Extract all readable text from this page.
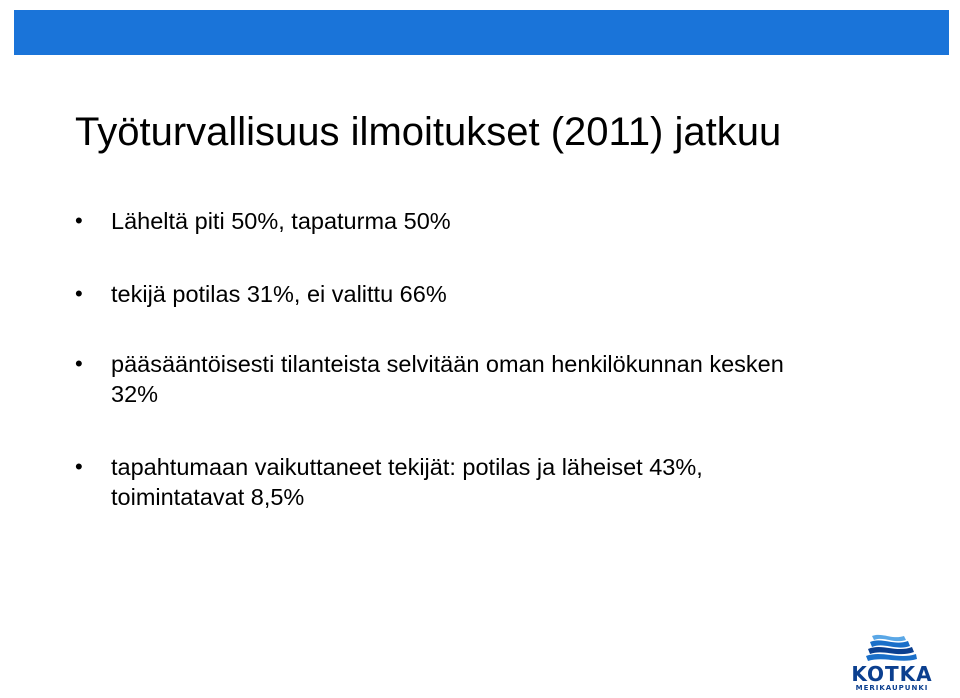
Työturvallisuus ilmoitukset (2011) jatkuu
•	Läheltä piti 50%, tapaturma 50%
•	tekijä potilas 31%, ei valittu 66%
•	pääsääntöisesti tilanteista selvitään oman henkilökunnan kesken 32%
•	tapahtumaan vaikuttaneet tekijät: potilas ja läheiset 43%, toimintatavat 8,5%
KOTKA
MERIKAUPUNKI
